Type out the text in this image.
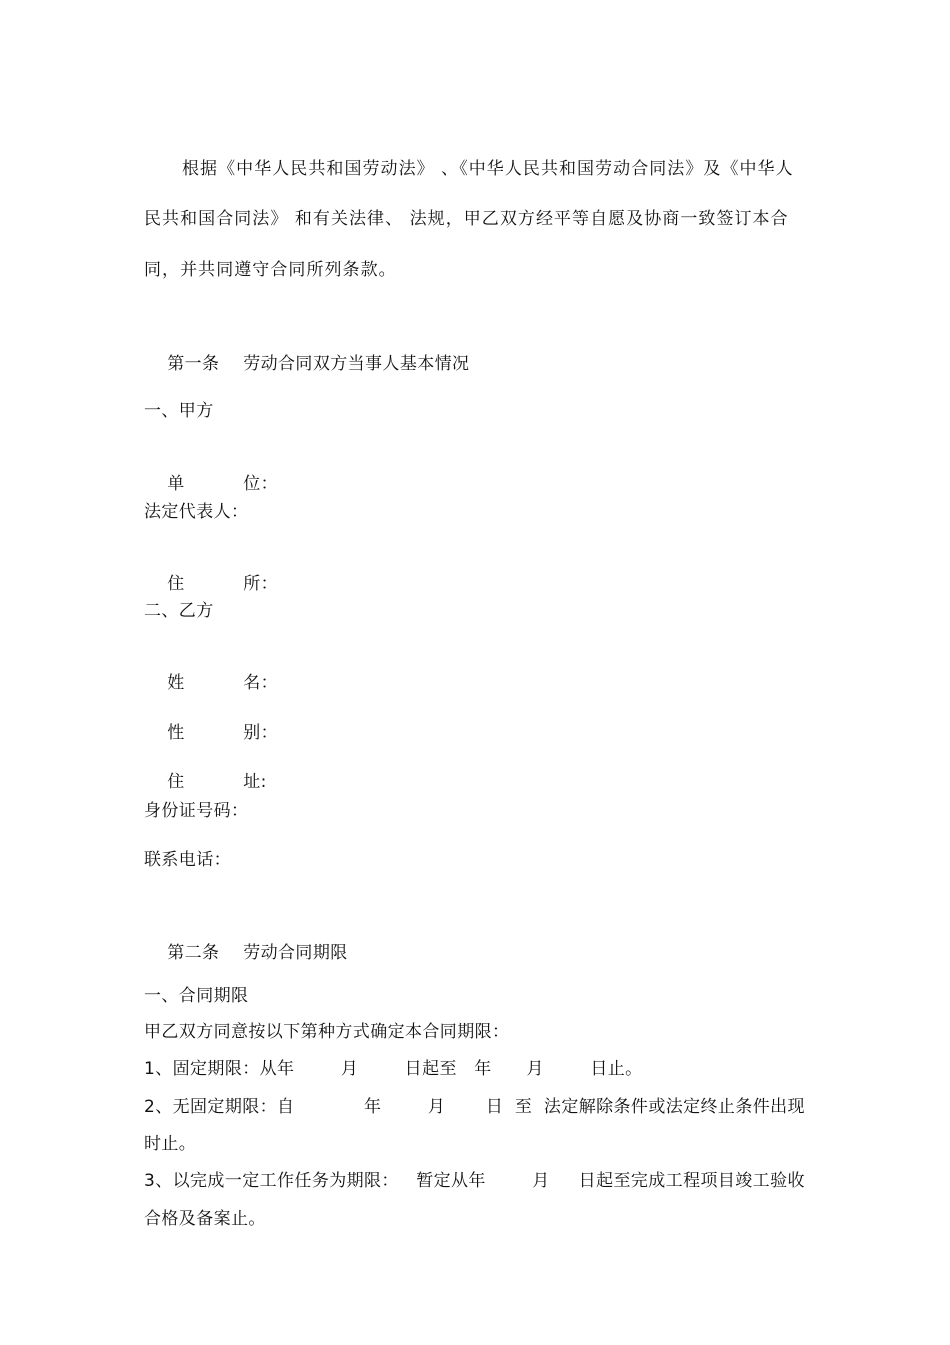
根据《中华人民共和国劳动法》 、《中华人民共和国劳动合同法》及《中华人
民共和国合同法》 和有关法律、 法规，甲乙双方经平等自愿及协商一致签订本合
同，并共同遵守合同所列条款。

第一条 劳动合同双方当事人基本情况

一、甲方

单	位：

法定代表人：

住	所：

二、乙方

姓	名：

性	别：

住	址:

身份证号码：
联系电话：

第二条 劳动合同期限

一、合同期限
甲乙双方同意按以下第种方式确定本合同期限：
1、固定期限：从年        月        日起至   年      月        日止。
2、无固定期限：自            年        月       日  至  法定解除条件或法定终止条件出现
时止。
3、以完成一定工作任务为期限：   暂定从年        月     日起至完成工程项目竣工验收
合格及备案止。
